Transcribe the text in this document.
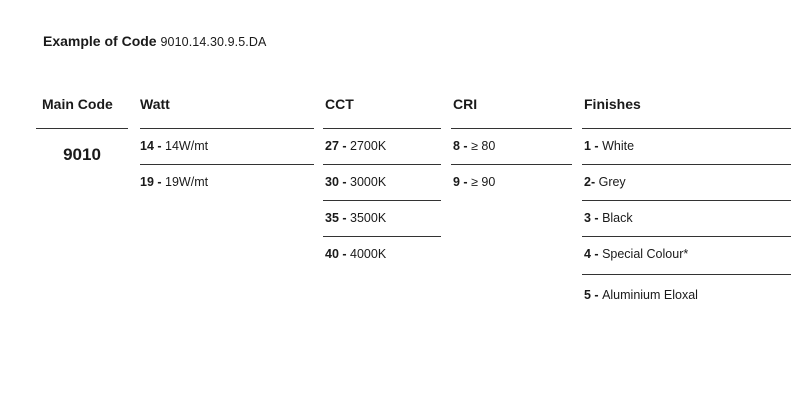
Example of Code 9010.14.30.9.5.DA
Main Code
9010
Watt
14 - 14W/mt
19 - 19W/mt
CCT
27 - 2700K
30 - 3000K
35 - 3500K
40 - 4000K
CRI
8 - ≥ 80
9 - ≥ 90
Finishes
1 - White
2- Grey
3 - Black
4 - Special Colour*
5 - Aluminium Eloxal
